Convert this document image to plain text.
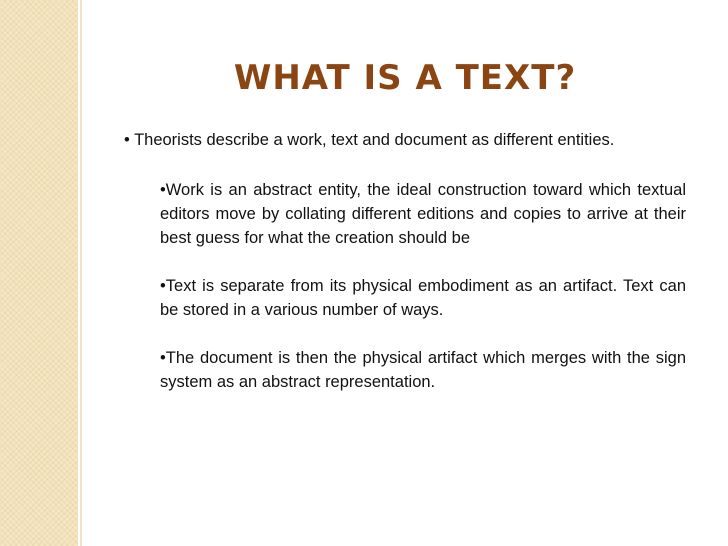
WHAT IS A TEXT?

• Theorists describe a work, text and document as different entities.

•Work is an abstract entity, the ideal construction toward which textual editors move by collating different editions and copies to arrive at their best guess for what the creation should be

•Text is separate from its physical embodiment as an artifact. Text can be stored in a various number of ways.

•The document is then the physical artifact which merges with the sign system as an abstract representation.
